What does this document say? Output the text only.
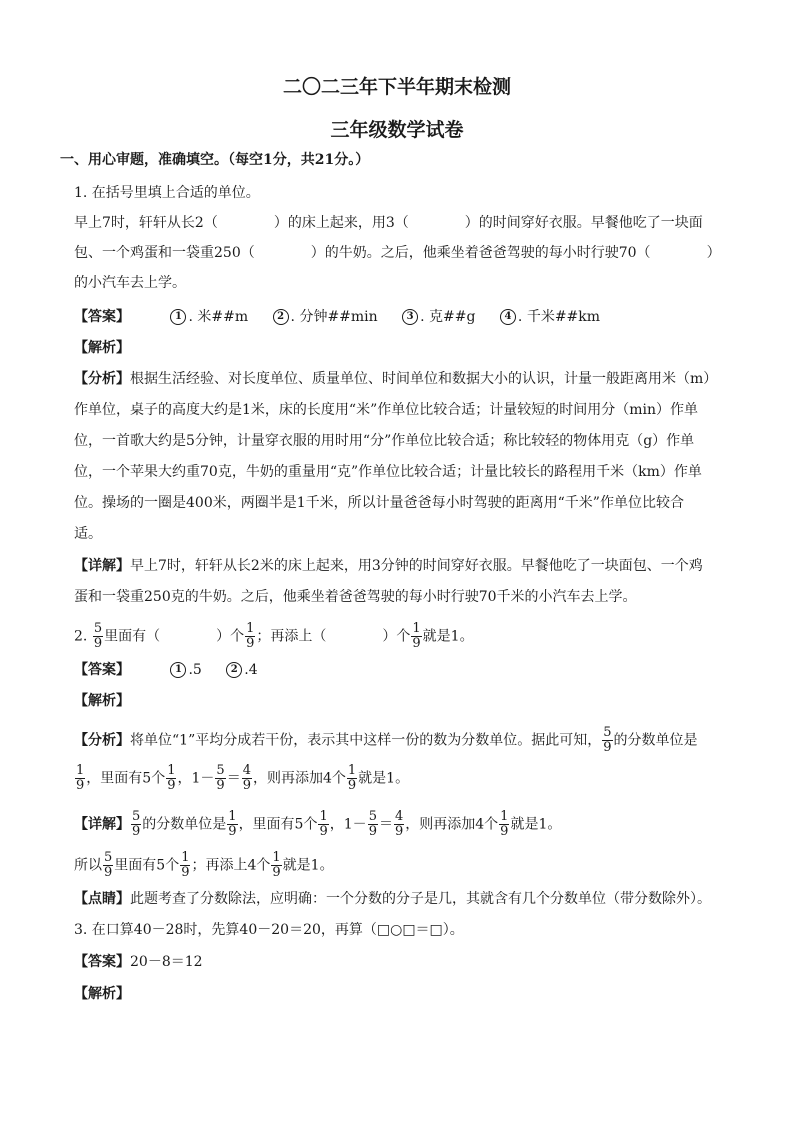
二〇二三年下半年期末检测
三年级数学试卷
一、用心审题，准确填空。（每空1分，共21分。）
1. 在括号里填上合适的单位。
早上7时，轩轩从长2（	）的床上起来，用3（	）的时间穿好衣服。早餐他吃了一块面
包、一个鸡蛋和一袋重250（	）的牛奶。之后，他乘坐着爸爸驾驶的每小时行驶70（	）
的小汽车去上学。
【答案】	1 . 米##m	2 . 分钟##min	3 . 克##g	4 . 千米##km
【解析】
【分析】根据生活经验、对长度单位、质量单位、时间单位和数据大小的认识，计量一般距离用米（m）
作单位，桌子的高度大约是1米，床的长度用“米”作单位比较合适；计量较短的时间用分（min）作单
位，一首歌大约是5分钟，计量穿衣服的用时用“分”作单位比较合适；称比较轻的物体用克（g）作单
位，一个苹果大约重70克，牛奶的重量用“克”作单位比较合适；计量比较长的路程用千米（km）作单
位。操场的一圈是400米，两圈半是1千米，所以计量爸爸每小时驾驶的距离用“千米”作单位比较合
适。
【详解】早上7时，轩轩从长2米的床上起来，用3分钟的时间穿好衣服。早餐他吃了一块面包、一个鸡
蛋和一袋重250克的牛奶。之后，他乘坐着爸爸驾驶的每小时行驶70千米的小汽车去上学。
2. $\frac{5}{9}$ 里面有（	）个 $\frac{1}{9}$ ；再添上（	）个 $\frac{1}{9}$ 就是1。
【答案】	1 .5	2 .4
【解析】
【分析】将单位“1”平均分成若干份，表示其中这样一份的数为分数单位。据此可知， $\frac{5}{9}$ 的分数单位是
$\frac{1}{9}$ ，里面有5个 $\frac{1}{9}$ ，$1- \frac{5}{9} = \frac{4}{9}$ ，则再添加4个 $\frac{1}{9}$ 就是1。
【详解】 $\frac{5}{9}$ 的分数单位是 $\frac{1}{9}$ ，里面有5个 $\frac{1}{9}$ ，$1- \frac{5}{9} = \frac{4}{9}$ ，则再添加4个 $\frac{1}{9}$ 就是1。
所以 $\frac{5}{9}$ 里面有5个 $\frac{1}{9}$ ；再添上4个 $\frac{1}{9}$ 就是1。
【点睛】此题考查了分数除法，应明确：一个分数的分子是几，其就含有几个分数单位（带分数除外）。
3. 在口算40－28时，先算40－20＝20，再算（□○□＝□）。
【答案】20－8＝12
【解析】
